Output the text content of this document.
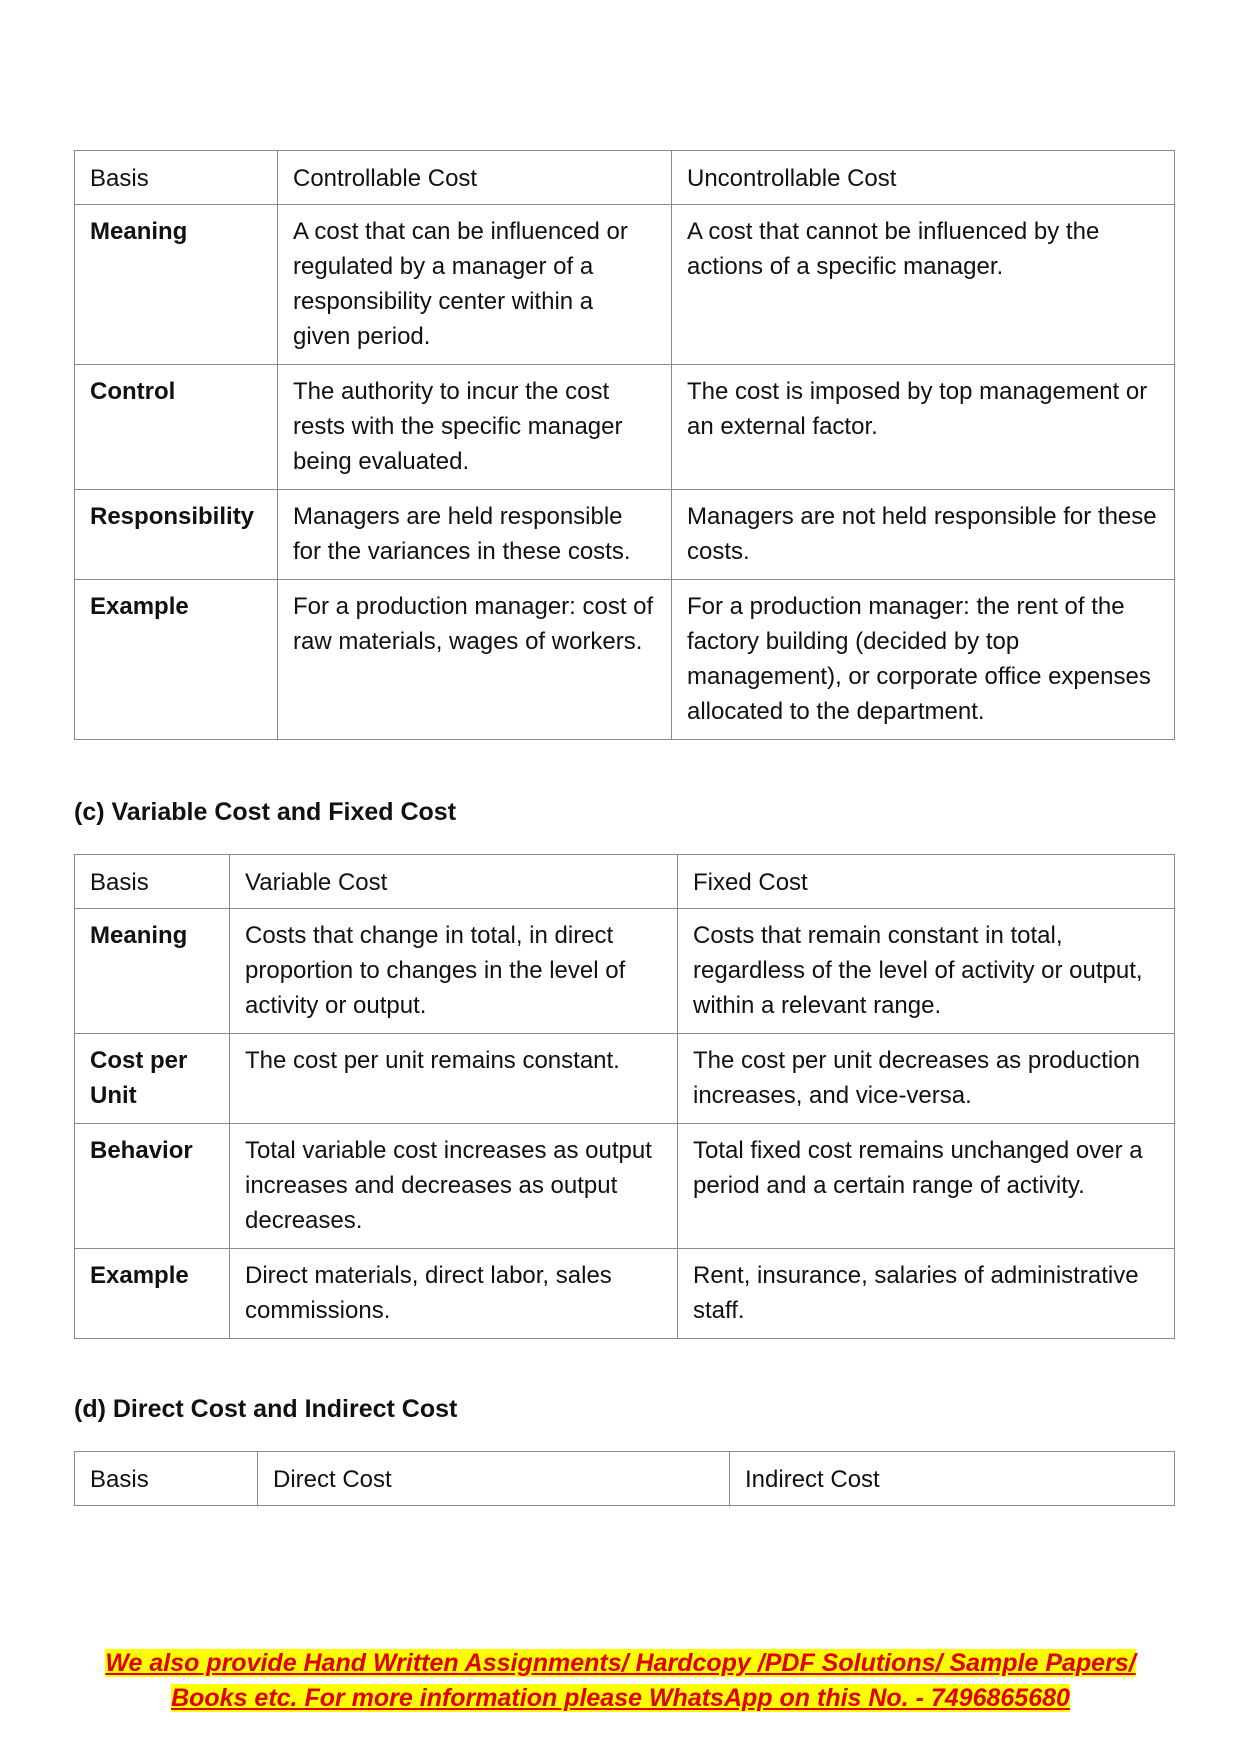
Basis	Controllable Cost	Uncontrollable Cost
Meaning	A cost that can be influenced or regulated by a manager of a responsibility center within a given period.	A cost that cannot be influenced by the actions of a specific manager.
Control	The authority to incur the cost rests with the specific manager being evaluated.	The cost is imposed by top management or an external factor.
Responsibility	Managers are held responsible for the variances in these costs.	Managers are not held responsible for these costs.
Example	For a production manager: cost of raw materials, wages of workers.	For a production manager: the rent of the factory building (decided by top management), or corporate office expenses allocated to the department.
(c) Variable Cost and Fixed Cost
Basis	Variable Cost	Fixed Cost
Meaning	Costs that change in total, in direct proportion to changes in the level of activity or output.	Costs that remain constant in total, regardless of the level of activity or output, within a relevant range.
Cost per Unit	The cost per unit remains constant.	The cost per unit decreases as production increases, and vice-versa.
Behavior	Total variable cost increases as output increases and decreases as output decreases.	Total fixed cost remains unchanged over a period and a certain range of activity.
Example	Direct materials, direct labor, sales commissions.	Rent, insurance, salaries of administrative staff.
(d) Direct Cost and Indirect Cost
Basis	Direct Cost	Indirect Cost
We also provide Hand Written Assignments/ Hardcopy /PDF Solutions/ Sample Papers/
Books etc. For more information please WhatsApp on this No. - 7496865680
